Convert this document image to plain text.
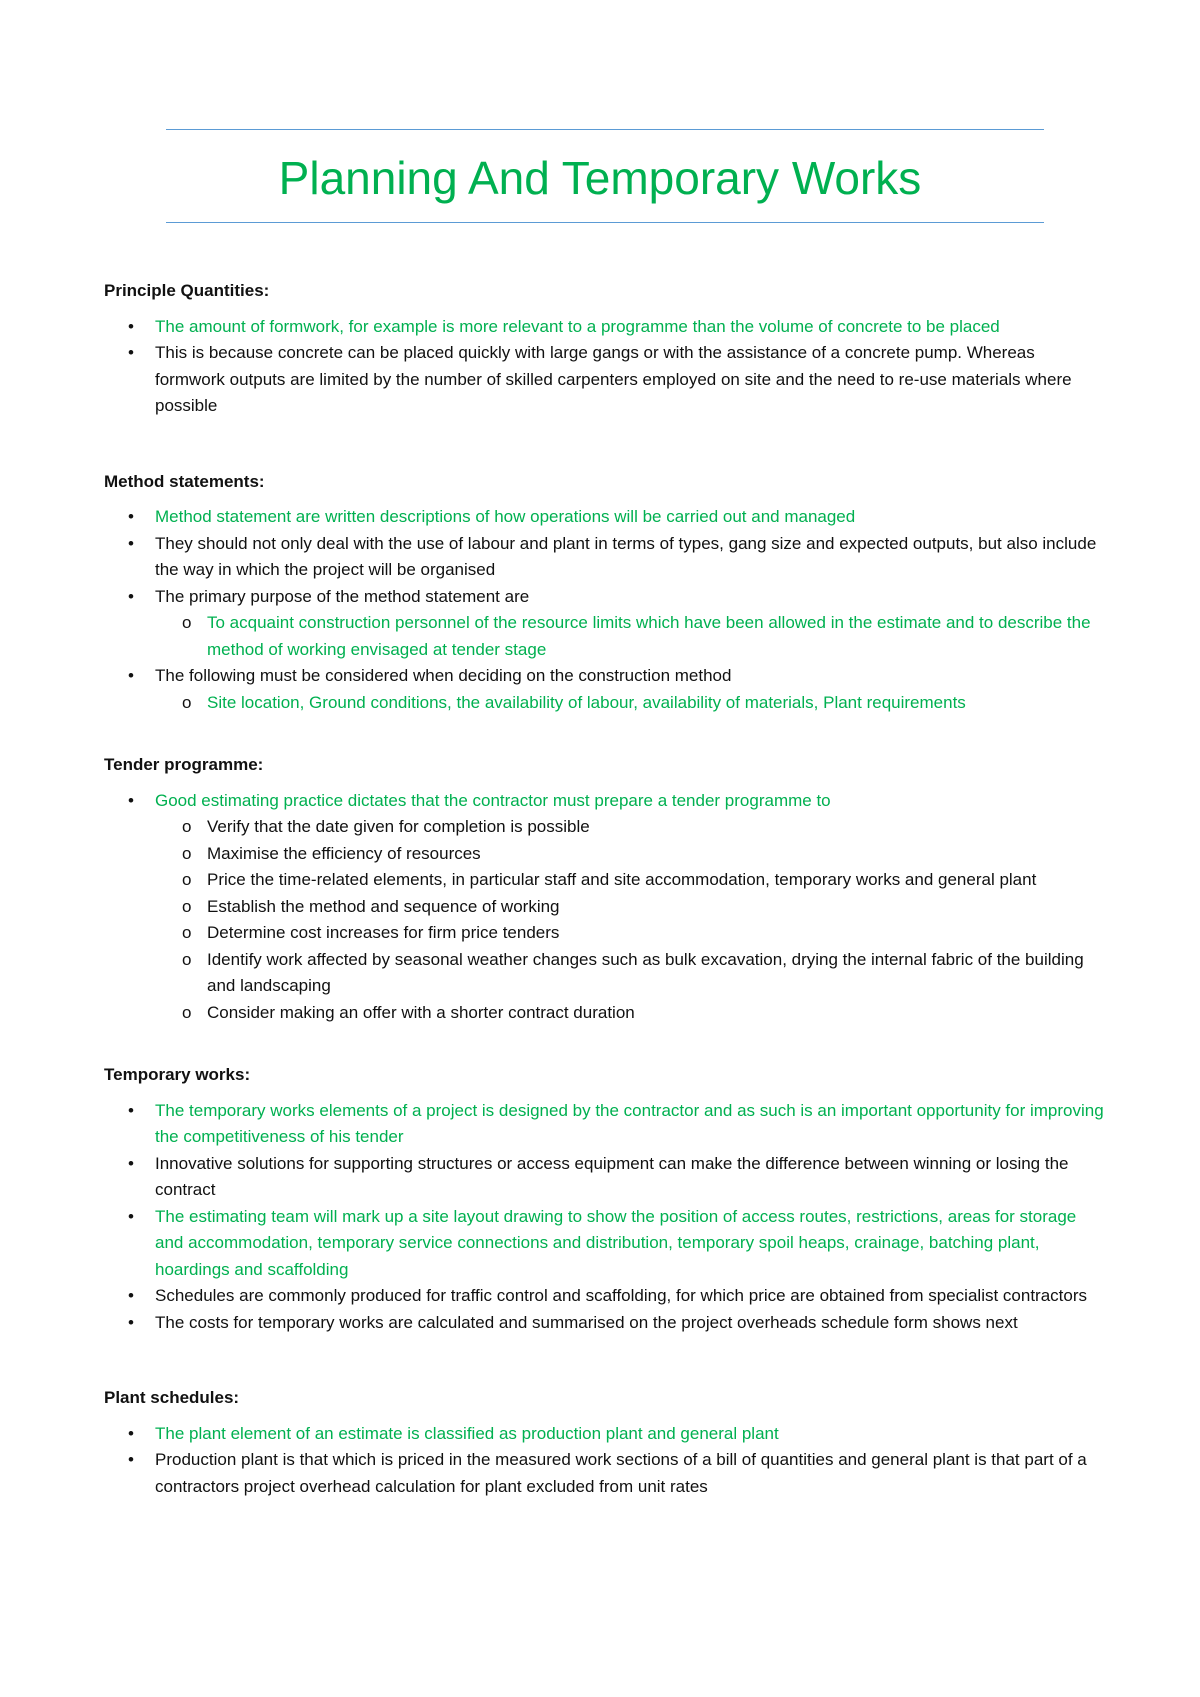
Planning And Temporary Works

Principle Quantities:

• The amount of formwork, for example is more relevant to a programme than the volume of concrete to be placed
• This is because concrete can be placed quickly with large gangs or with the assistance of a concrete pump. Whereas formwork outputs are limited by the number of skilled carpenters employed on site and the need to re-use materials where possible

Method statements:

• Method statement are written descriptions of how operations will be carried out and managed
• They should not only deal with the use of labour and plant in terms of types, gang size and expected outputs, but also include the way in which the project will be organised
• The primary purpose of the method statement are
o To acquaint construction personnel of the resource limits which have been allowed in the estimate and to describe the method of working envisaged at tender stage
• The following must be considered when deciding on the construction method
o Site location, Ground conditions, the availability of labour, availability of materials, Plant requirements

Tender programme:

• Good estimating practice dictates that the contractor must prepare a tender programme to
o Verify that the date given for completion is possible
o Maximise the efficiency of resources
o Price the time-related elements, in particular staff and site accommodation, temporary works and general plant
o Establish the method and sequence of working
o Determine cost increases for firm price tenders
o Identify work affected by seasonal weather changes such as bulk excavation, drying the internal fabric of the building and landscaping
o Consider making an offer with a shorter contract duration

Temporary works:

• The temporary works elements of a project is designed by the contractor and as such is an important opportunity for improving the competitiveness of his tender
• Innovative solutions for supporting structures or access equipment can make the difference between winning or losing the contract
• The estimating team will mark up a site layout drawing to show the position of access routes, restrictions, areas for storage and accommodation, temporary service connections and distribution, temporary spoil heaps, crainage, batching plant, hoardings and scaffolding
• Schedules are commonly produced for traffic control and scaffolding, for which price are obtained from specialist contractors
• The costs for temporary works are calculated and summarised on the project overheads schedule form shows next

Plant schedules:

• The plant element of an estimate is classified as production plant and general plant
• Production plant is that which is priced in the measured work sections of a bill of quantities and general plant is that part of a contractors project overhead calculation for plant excluded from unit rates
